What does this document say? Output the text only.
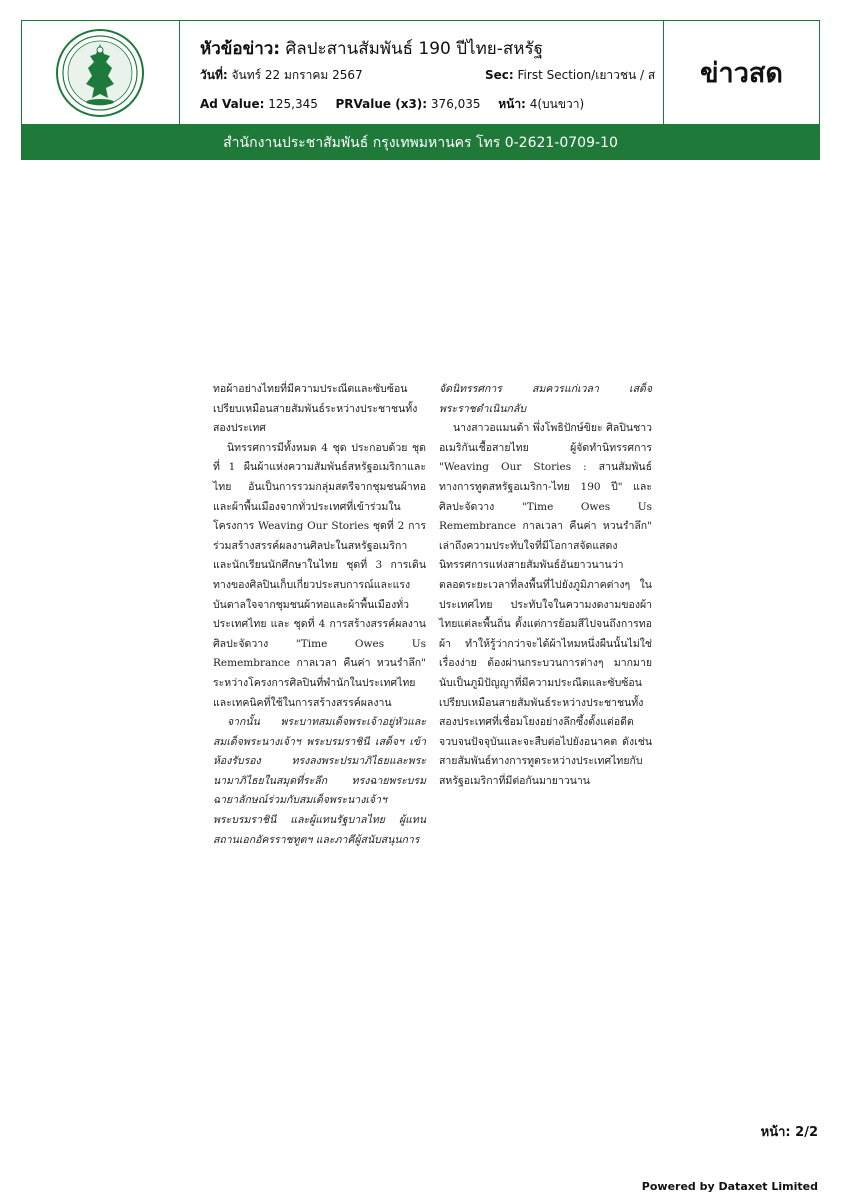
หัวข้อข่าว: ศิลปะสานสัมพันธ์ 190 ปีไทย-สหรัฐ
วันที่: จันทร์ 22 มกราคม 2567	Sec: First Section/เยาวชน / ส
Ad Value: 125,345 PRValue (x3): 376,035 หน้า: 4(บนขวา)
ข่าวสด
สำนักงานประชาสัมพันธ์ กรุงเทพมหานคร โทร 0-2621-0709-10

ทอผ้าอย่างไทยที่มีความประณีตและซับซ้อน เปรียบเหมือนสายสัมพันธ์ระหว่างประชาชนทั้งสองประเทศ

นิทรรศการมีทั้งหมด 4 ชุด ประกอบด้วย ชุดที่ 1 ผืนผ้าแห่งความสัมพันธ์สหรัฐอเมริกาและไทย อันเป็นการรวมกลุ่มสตรีจากชุมชนผ้าทอและผ้าพื้นเมืองจากทั่วประเทศที่เข้าร่วมในโครงการ Weaving Our Stories ชุดที่ 2 การร่วมสร้างสรรค์ผลงานศิลปะในสหรัฐอเมริกาและนักเรียนนักศึกษาในไทย ชุดที่ 3 การเดินทางของศิลปินเก็บเกี่ยวประสบการณ์และแรงบันดาลใจจากชุมชนผ้าทอและผ้าพื้นเมืองทั่วประเทศไทย และ ชุดที่ 4 การสร้างสรรค์ผลงานศิลปะจัดวาง "Time Owes Us Remembrance กาลเวลา คืนค่า หวนรำลึก" ระหว่างโครงการศิลปินที่พำนักในประเทศไทยและเทคนิคที่ใช้ในการสร้างสรรค์ผลงาน

จากนั้น พระบาทสมเด็จพระเจ้าอยู่หัวและสมเด็จพระนางเจ้าฯ พระบรมราชินี เสด็จฯ เข้าห้องรับรอง ทรงลงพระปรมาภิไธยและพระนามาภิไธยในสมุดที่ระลึก ทรงฉายพระบรมฉายาลักษณ์ร่วมกับสมเด็จพระนางเจ้าฯ พระบรมราชินี และผู้แทนรัฐบาลไทย ผู้แทนสถานเอกอัครราชทูตฯ และภาคีผู้สนับสนุนการ

จัดนิทรรศการ สมควรแก่เวลา เสด็จพระราชดำเนินกลับ

นางสาวอแมนด้า พึ่งโพธิปักษ์ขิยะ ศิลปินชาวอเมริกันเชื้อสายไทย ผู้จัดทำนิทรรศการ "Weaving Our Stories : สานสัมพันธ์ทางการทูตสหรัฐอเมริกา-ไทย 190 ปี" และศิลปะจัดวาง "Time Owes Us Remembrance กาลเวลา คืนค่า หวนรำลึก" เล่าถึงความประทับใจที่มีโอกาสจัดแสดงนิทรรศการแห่งสายสัมพันธ์อันยาวนานว่า ตลอดระยะเวลาที่ลงพื้นที่ไปยังภูมิภาคต่างๆ ในประเทศไทย ประทับใจในความงดงามของผ้าไทยแต่ละพื้นถิ่น ตั้งแต่การย้อมสีไปจนถึงการทอผ้า ทำให้รู้ว่ากว่าจะได้ผ้าไหมหนึ่งผืนนั้นไม่ใช่เรื่องง่าย ต้องผ่านกระบวนการต่างๆ มากมาย นับเป็นภูมิปัญญาที่มีความประณีตและซับซ้อน เปรียบเหมือนสายสัมพันธ์ระหว่างประชาชนทั้งสองประเทศที่เชื่อมโยงอย่างลึกซึ้งตั้งแต่อดีตจวบจนปัจจุบันและจะสืบต่อไปยังอนาคต ดังเช่นสายสัมพันธ์ทางการทูตระหว่างประเทศไทยกับสหรัฐอเมริกาที่มีต่อกันมายาวนาน

หน้า: 2/2
Powered by Dataxet Limited
